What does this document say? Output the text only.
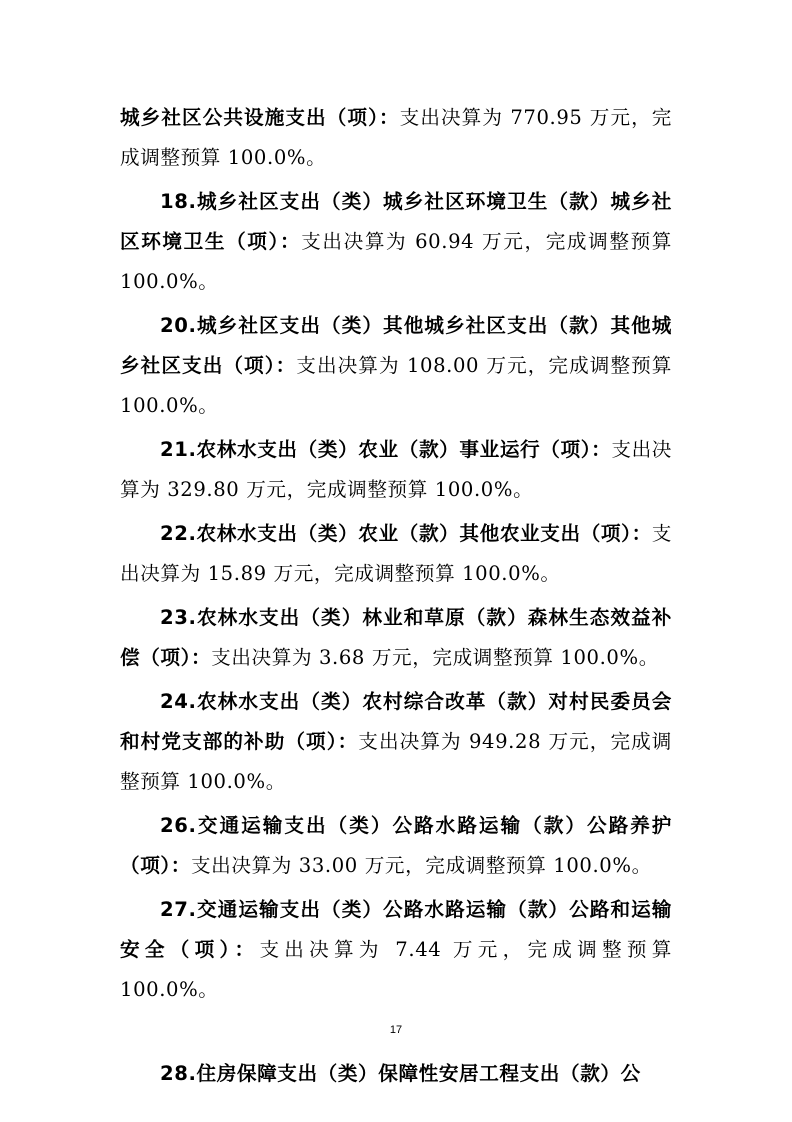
城乡社区公共设施支出（项）：支出决算为 770.95 万元，完成调整预算 100.0%。

18.城乡社区支出（类）城乡社区环境卫生（款）城乡社区环境卫生（项）：支出决算为 60.94 万元，完成调整预算 100.0%。

20.城乡社区支出（类）其他城乡社区支出（款）其他城乡社区支出（项）：支出决算为 108.00 万元，完成调整预算 100.0%。

21.农林水支出（类）农业（款）事业运行（项）：支出决算为 329.80 万元，完成调整预算 100.0%。

22.农林水支出（类）农业（款）其他农业支出（项）：支出决算为 15.89 万元，完成调整预算 100.0%。

23.农林水支出（类）林业和草原（款）森林生态效益补偿（项）：支出决算为 3.68 万元，完成调整预算 100.0%。

24.农林水支出（类）农村综合改革（款）对村民委员会和村党支部的补助（项）：支出决算为 949.28 万元，完成调整预算 100.0%。

26.交通运输支出（类）公路水路运输（款）公路养护（项）：支出决算为 33.00 万元，完成调整预算 100.0%。

27.交通运输支出（类）公路水路运输（款）公路和运输安全（项）：支出决算为 7.44 万元，完成调整预算 100.0%。

28.住房保障支出（类）保障性安居工程支出（款）公

17
